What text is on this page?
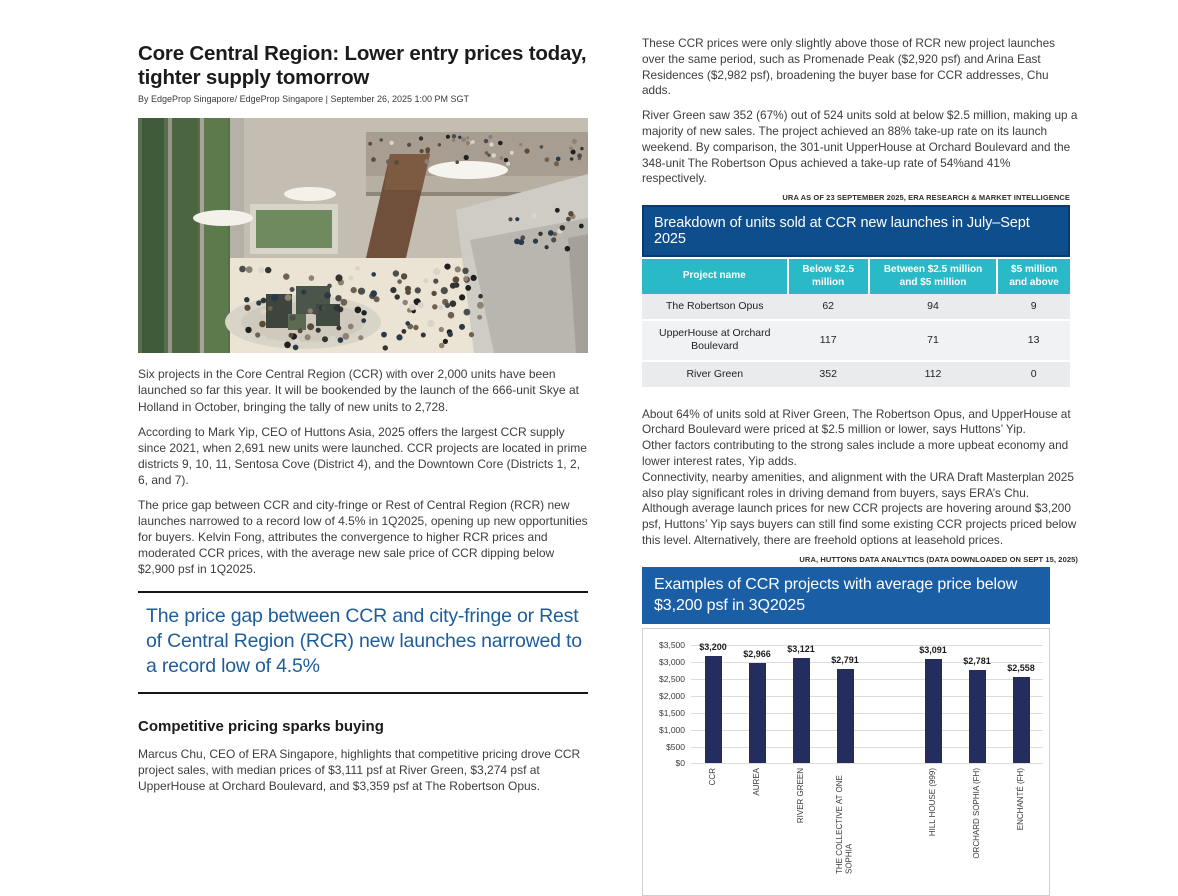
Core Central Region: Lower entry prices today, tighter supply tomorrow
By EdgeProp Singapore/ EdgeProp Singapore | September 26, 2025 1:00 PM SGT

Six projects in the Core Central Region (CCR) with over 2,000 units have been launched so far this year. It will be bookended by the launch of the 666-unit Skye at Holland in October, bringing the tally of new units to 2,728.

According to Mark Yip, CEO of Huttons Asia, 2025 offers the largest CCR supply since 2021, when 2,691 new units were launched. CCR projects are located in prime districts 9, 10, 11, Sentosa Cove (District 4), and the Downtown Core (Districts 1, 2, 6, and 7).

The price gap between CCR and city-fringe or Rest of Central Region (RCR) new launches narrowed to a record low of 4.5% in 1Q2025, opening up new opportunities for buyers. Kelvin Fong, attributes the convergence to higher RCR prices and moderated CCR prices, with the average new sale price of CCR dipping below $2,900 psf in 1Q2025.

The price gap between CCR and city-fringe or Rest of Central Region (RCR) new launches narrowed to a record low of 4.5%
Competitive pricing sparks buying

Marcus Chu, CEO of ERA Singapore, highlights that competitive pricing drove CCR project sales, with median prices of $3,111 psf at River Green, $3,274 psf at UpperHouse at Orchard Boulevard, and $3,359 psf at The Robertson Opus.

These CCR prices were only slightly above those of RCR new project launches over the same period, such as Promenade Peak ($2,920 psf) and Arina East Residences ($2,982 psf), broadening the buyer base for CCR addresses, Chu adds.

River Green saw 352 (67%) out of 524 units sold at below $2.5 million, making up a majority of new sales. The project achieved an 88% take-up rate on its launch weekend. By comparison, the 301-unit UpperHouse at Orchard Boulevard and the 348-unit The Robertson Opus achieved a take-up rate of 54%and 41% respectively.

URA AS OF 23 SEPTEMBER 2025, ERA RESEARCH & MARKET INTELLIGENCE
Breakdown of units sold at CCR new launches in July–Sept 2025
Project name	Below $2.5 million	Between $2.5 million and $5 million	$5 million and above
The Robertson Opus	62	94	9
UpperHouse at Orchard Boulevard	117	71	13
River Green	352	112	0

About 64% of units sold at River Green, The Robertson Opus, and UpperHouse at Orchard Boulevard were priced at $2.5 million or lower, says Huttons’ Yip.

Other factors contributing to the strong sales include a more upbeat economy and lower interest rates, Yip adds.

Connectivity, nearby amenities, and alignment with the URA Draft Masterplan 2025 also play significant roles in driving demand from buyers, says ERA’s Chu.

Although average launch prices for new CCR projects are hovering around $3,200 psf, Huttons’ Yip says buyers can still find some existing CCR projects priced below this level. Alternatively, there are freehold options at leasehold prices.

URA, HUTTONS DATA ANALYTICS (DATA DOWNLOADED ON SEPT 15, 2025)
Examples of CCR projects with average price below $3,200 psf in 3Q2025
$3,500
$3,000
$2,500
$2,000
$1,500
$1,000
$500
$0
$3,200
$2,966
$3,121
$2,791
$3,091
$2,781
$2,558
CCR	AUREA	RIVER GREEN	THE COLLECTIVE AT ONE SOPHIA
HILL HOUSE (999)	ORCHARD SOPHIA (FH)	ENCHANTÉ (FH)
